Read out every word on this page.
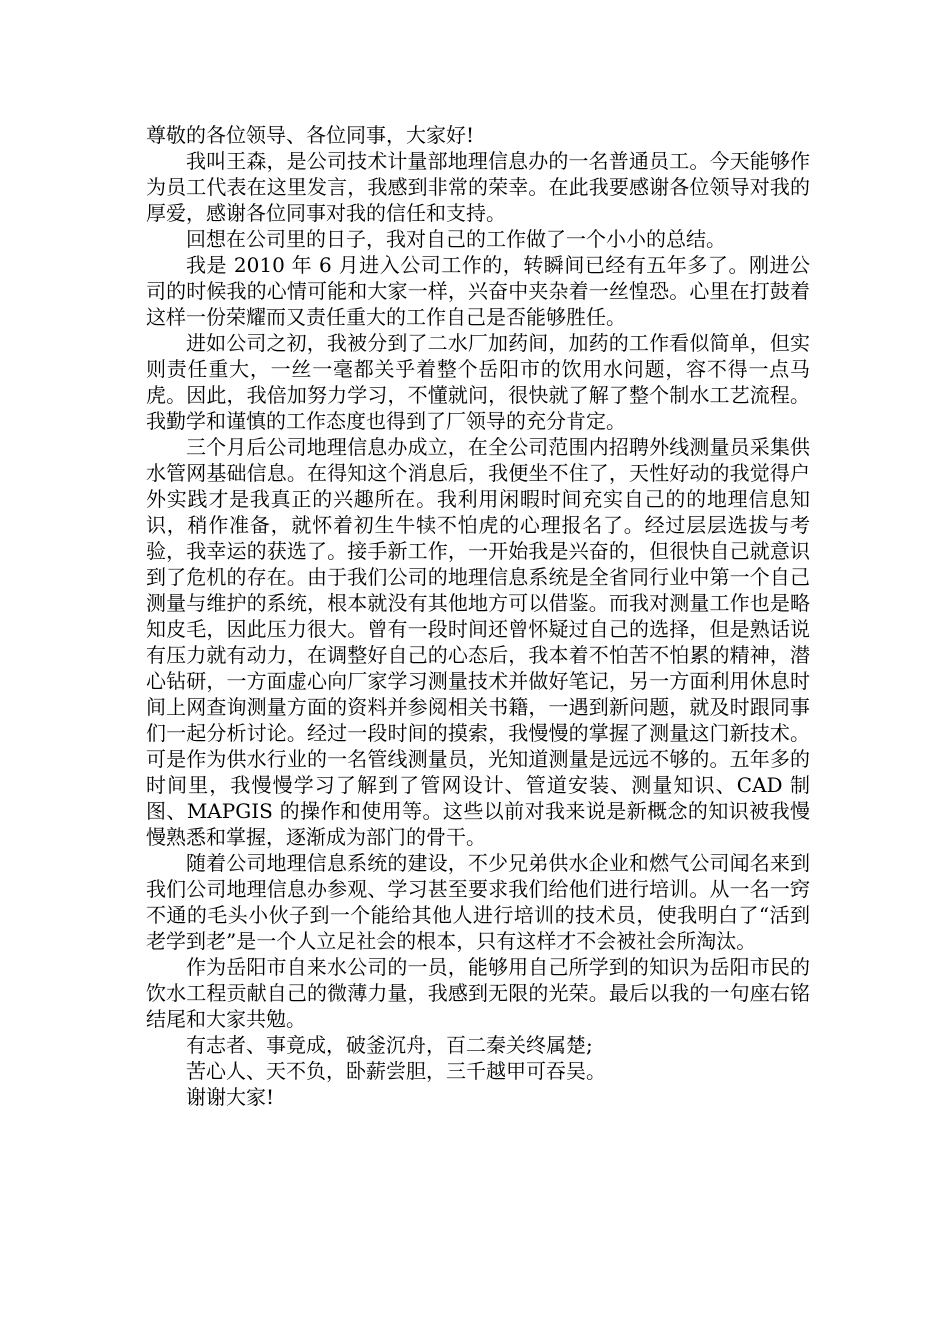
尊敬的各位领导、各位同事，大家好!

我叫王森，是公司技术计量部地理信息办的一名普通员工。今天能够作为员工代表在这里发言，我感到非常的荣幸。在此我要感谢各位领导对我的厚爱，感谢各位同事对我的信任和支持。

回想在公司里的日子，我对自己的工作做了一个小小的总结。

我是 2010 年 6 月进入公司工作的，转瞬间已经有五年多了。刚进公司的时候我的心情可能和大家一样，兴奋中夹杂着一丝惶恐。心里在打鼓着这样一份荣耀而又责任重大的工作自己是否能够胜任。

进如公司之初，我被分到了二水厂加药间，加药的工作看似简单，但实则责任重大，一丝一毫都关乎着整个岳阳市的饮用水问题，容不得一点马虎。因此，我倍加努力学习，不懂就问，很快就了解了整个制水工艺流程。我勤学和谨慎的工作态度也得到了厂领导的充分肯定。

三个月后公司地理信息办成立，在全公司范围内招聘外线测量员采集供水管网基础信息。在得知这个消息后，我便坐不住了，天性好动的我觉得户外实践才是我真正的兴趣所在。我利用闲暇时间充实自己的的地理信息知识，稍作准备，就怀着初生牛犊不怕虎的心理报名了。经过层层选拔与考验，我幸运的获选了。接手新工作，一开始我是兴奋的，但很快自己就意识到了危机的存在。由于我们公司的地理信息系统是全省同行业中第一个自己测量与维护的系统，根本就没有其他地方可以借鉴。而我对测量工作也是略知皮毛，因此压力很大。曾有一段时间还曾怀疑过自己的选择，但是熟话说有压力就有动力，在调整好自己的心态后，我本着不怕苦不怕累的精神，潜心钻研，一方面虚心向厂家学习测量技术并做好笔记，另一方面利用休息时间上网查询测量方面的资料并参阅相关书籍，一遇到新问题，就及时跟同事们一起分析讨论。经过一段时间的摸索，我慢慢的掌握了测量这门新技术。可是作为供水行业的一名管线测量员，光知道测量是远远不够的。五年多的时间里，我慢慢学习了解到了管网设计、管道安装、测量知识、CAD 制图、MAPGIS 的操作和使用等。这些以前对我来说是新概念的知识被我慢慢熟悉和掌握，逐渐成为部门的骨干。

随着公司地理信息系统的建设，不少兄弟供水企业和燃气公司闻名来到我们公司地理信息办参观、学习甚至要求我们给他们进行培训。从一名一窍不通的毛头小伙子到一个能给其他人进行培训的技术员，使我明白了“活到老学到老”是一个人立足社会的根本，只有这样才不会被社会所淘汰。

作为岳阳市自来水公司的一员，能够用自己所学到的知识为岳阳市民的饮水工程贡献自己的微薄力量，我感到无限的光荣。最后以我的一句座右铭结尾和大家共勉。

有志者、事竟成，破釜沉舟，百二秦关终属楚;

苦心人、天不负，卧薪尝胆，三千越甲可吞吴。

谢谢大家!
